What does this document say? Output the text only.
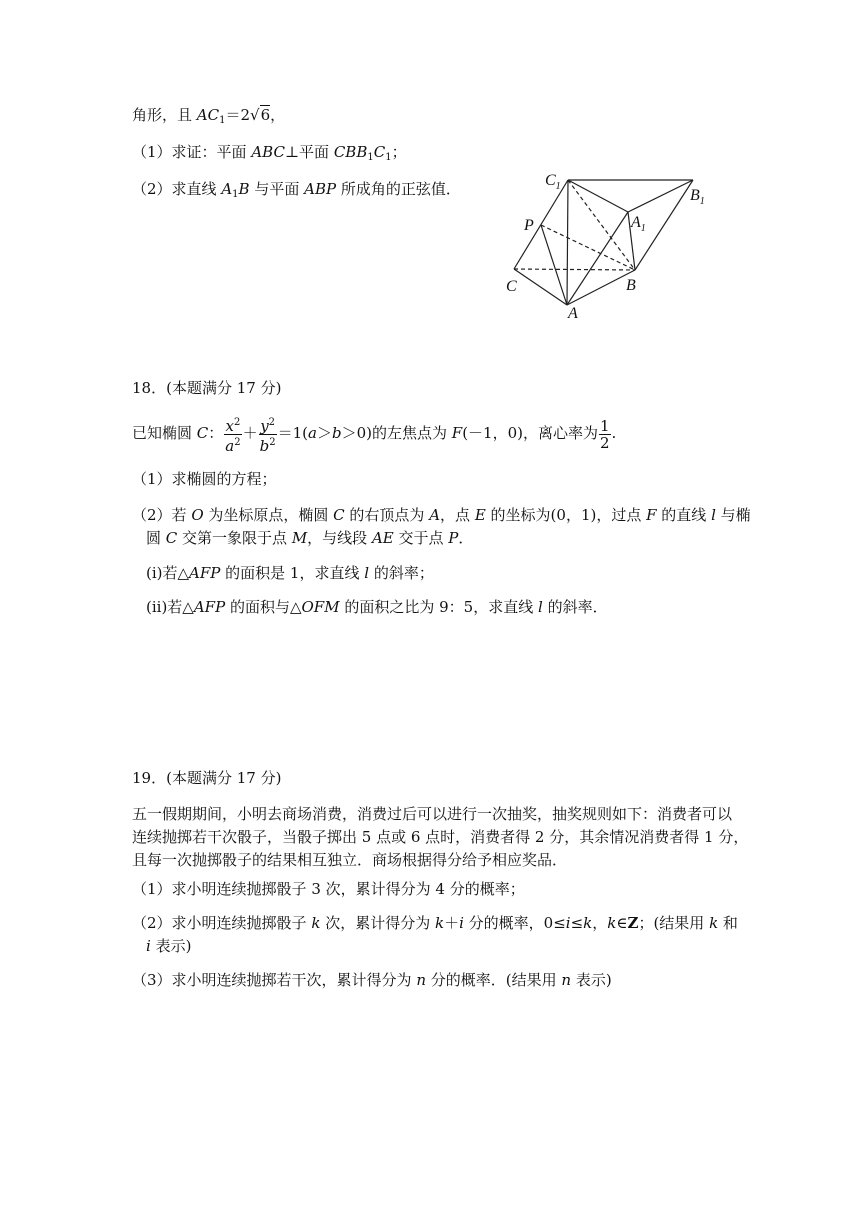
角形，且 $AC_1=2√6$，
（1）求证：平面 ABC⊥平面 $CBB_1C_1$；
（2）求直线 $A_1B$ 与平面 ABP 所成角的正弦值．	$C_1$
$B_1$
$A_1$
P
C	B
A
18．(本题满分 17 分)
已知椭圆 C： $\frac{x^2}{a^2} + \frac{y^2}{b^2} =1(a>b>0)$的左焦点为 F(－1，0)，离心率为 $\frac{1}{2}$ .
（1）求椭圆的方程；
（2）若 O 为坐标原点，椭圆 C 的右顶点为 A，点 E 的坐标为(0，1)，过点 F 的直线 l 与椭
圆 C 交第一象限于点 M，与线段 AE 交于点 P．
(i)若△AFP 的面积是 1，求直线 l 的斜率；
(ii)若△AFP 的面积与△OFM 的面积之比为 9：5，求直线 l 的斜率．
19．(本题满分 17 分)
五一假期期间，小明去商场消费，消费过后可以进行一次抽奖，抽奖规则如下：消费者可以
连续抛掷若干次骰子，当骰子掷出 5 点或 6 点时，消费者得 2 分，其余情况消费者得 1 分，
且每一次抛掷骰子的结果相互独立．商场根据得分给予相应奖品．
（1）求小明连续抛掷骰子 3 次，累计得分为 4 分的概率；
（2）求小明连续抛掷骰子 k 次，累计得分为 k＋i 分的概率，0≤i≤k，k∈Z；(结果用 k 和
i 表示)
（3）求小明连续抛掷若干次，累计得分为 n 分的概率．(结果用 n 表示)
